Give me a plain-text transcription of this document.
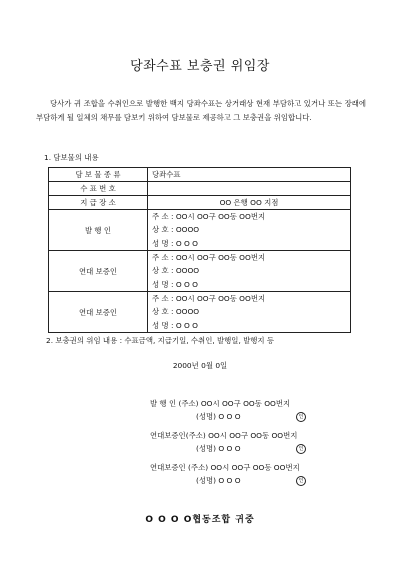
당좌수표 보충권 위임장
당사가 귀 조합을 수취인으로 발행한 백지 당좌수표는 상거래상 현재 부담하고 있거나 또는 장래에 부담하게 될 일체의 채무를 담보키 위하여 담보물로 제공하고 그 보충권을 위임합니다.
1. 담보물의 내용
담 보 물 종 류	당좌수표
수 표 번 호	
지 급 장 소	OO 은행 OO 지점
발 행 인	주 소 : OO시 OO구 OO동 OO번지
상 호 : OOOO
성 명 : O O O

연대 보증인	주 소 : OO시 OO구 OO동 OO번지
상 호 : OOOO
성 명 : O O O

연대 보증인	주 소 : OO시 OO구 OO동 OO번지
상 호 : OOOO
성 명 : O O O
2. 보충권의 위임 내용 : 수표금액, 지급기일, 수취인, 발행일, 발행지 등
2000년 0월 0일
발 행 인 (주소) OO시 OO구 OO동 OO번지
(성명) O O O	인
연대보증인(주소) OO시 OO구 OO동 OO번지
(성명) O O O	인
연대보증인 (주소) OO시 OO구 OO동 OO번지
(성명) O O O	인
O O O O협동조합 귀중
